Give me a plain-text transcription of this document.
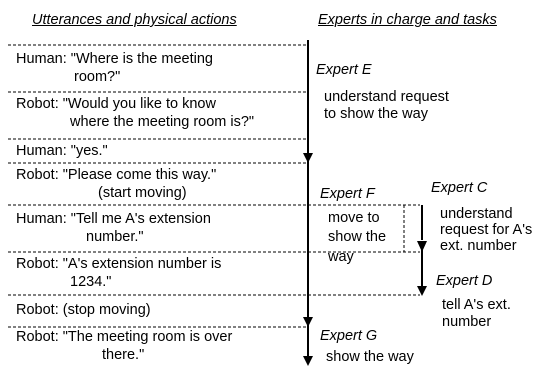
Utterances and physical actions	Experts in charge and tasks
Human: "Where is the meeting
room?"
Robot: "Would you like to know
where the meeting room is?"
Human: "yes."
Robot: "Please come this way."
(start moving)
Human: "Tell me A's extension
number."
Robot: "A's extension number is
1234."
Robot: (stop moving)
Robot: "The meeting room is over
there."
Expert E
understand request
to show the way
Expert F
move to
show the
way
Expert C
understand
request for A's
ext. number
Expert D
tell A's ext.
number
Expert G
show the way
